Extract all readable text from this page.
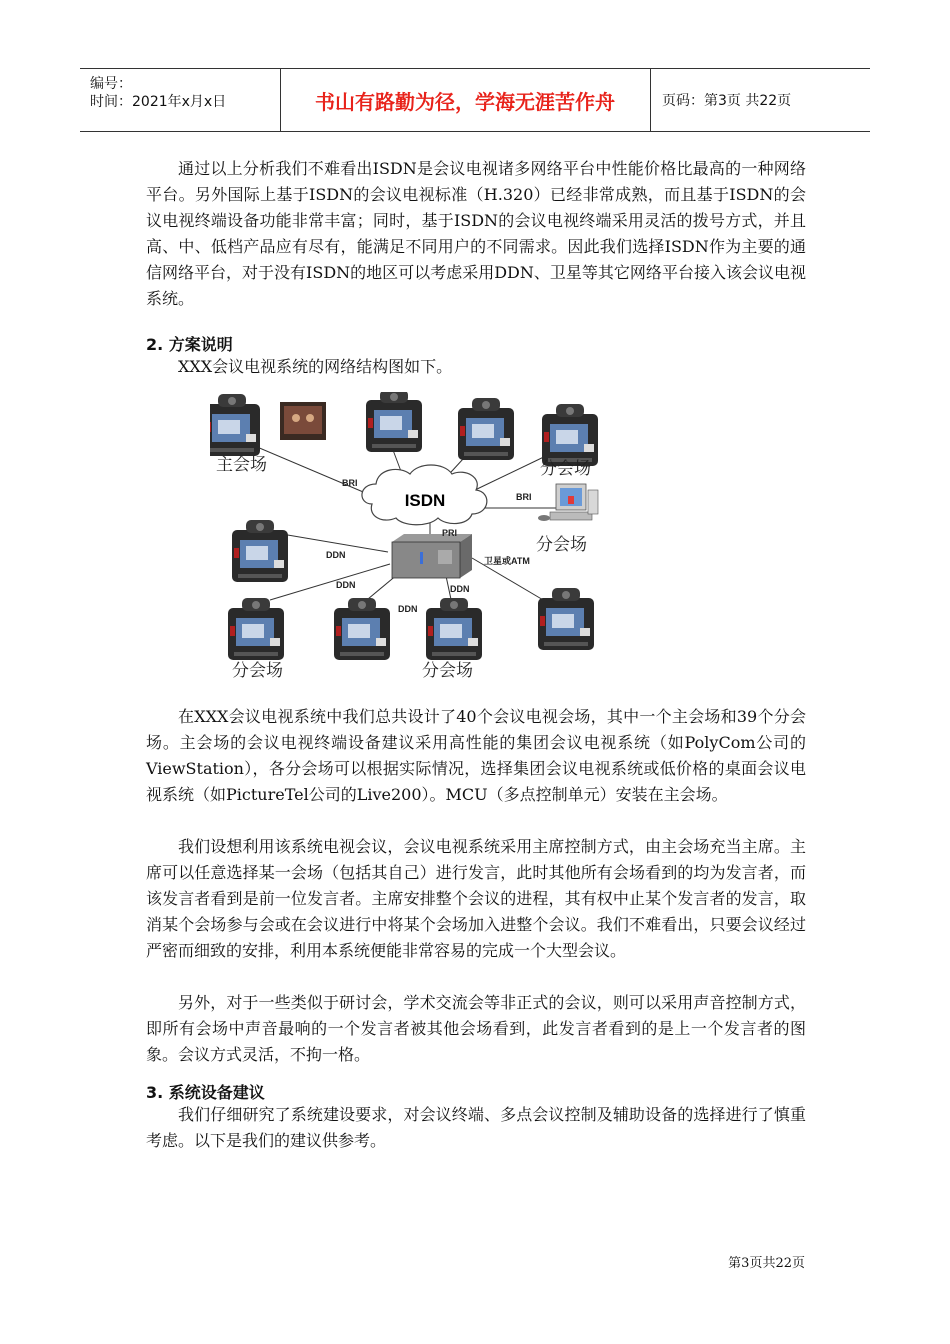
编号：
时间：2021年x月x日	书山有路勤为径，学海无涯苦作舟	页码：第3页 共22页

通过以上分析我们不难看出ISDN是会议电视诸多网络平台中性能价格比最高的一种网络平台。另外国际上基于ISDN的会议电视标准（H.320）已经非常成熟，而且基于ISDN的会议电视终端设备功能非常丰富；同时，基于ISDN的会议电视终端采用灵活的拨号方式，并且高、中、低档产品应有尽有，能满足不同用户的不同需求。因此我们选择ISDN作为主要的通信网络平台，对于没有ISDN的地区可以考虑采用DDN、卫星等其它网络平台接入该会议电视系统。

2. 方案说明

XXX会议电视系统的网络结构图如下。

ISDN
BRI
BRI
PRI
DDN
DDN
DDN
DDN
卫星或ATM
主会场	分会场
分会场
分会场	分会场

在XXX会议电视系统中我们总共设计了40个会议电视会场，其中一个主会场和39个分会场。主会场的会议电视终端设备建议采用高性能的集团会议电视系统（如PolyCom公司的ViewStation），各分会场可以根据实际情况，选择集团会议电视系统或低价格的桌面会议电视系统（如PictureTel公司的Live200）。MCU（多点控制单元）安装在主会场。

我们设想利用该系统电视会议，会议电视系统采用主席控制方式，由主会场充当主席。主席可以任意选择某一会场（包括其自己）进行发言，此时其他所有会场看到的均为发言者，而该发言者看到是前一位发言者。主席安排整个会议的进程，其有权中止某个发言者的发言，取消某个会场参与会或在会议进行中将某个会场加入进整个会议。我们不难看出，只要会议经过严密而细致的安排，利用本系统便能非常容易的完成一个大型会议。

另外，对于一些类似于研讨会，学术交流会等非正式的会议，则可以采用声音控制方式，即所有会场中声音最响的一个发言者被其他会场看到，此发言者看到的是上一个发言者的图象。会议方式灵活，不拘一格。

3. 系统设备建议

我们仔细研究了系统建设要求，对会议终端、多点会议控制及辅助设备的选择进行了慎重考虑。以下是我们的建议供参考。

第3页共22页
